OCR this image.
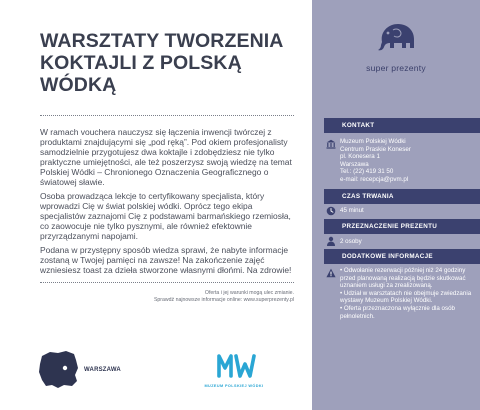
WARSZTATY TWORZENIA
KOKTAJLI Z POLSKĄ WÓDKĄ

W ramach vouchera nauczysz się łączenia inwencji twórczej z produktami znajdującymi się „pod ręką”. Pod okiem profesjonalisty samodzielnie przygotujesz dwa koktajle i zdobędziesz nie tylko praktyczne umiejętności, ale też poszerzysz swoją wiedzę na temat Polskiej Wódki – Chronionego Oznaczenia Geograficznego o światowej sławie.

Osoba prowadząca lekcje to certyfikowany specjalista, który wprowadzi Cię w świat polskiej wódki. Oprócz tego ekipa specjalistów zaznajomi Cię z podstawami barmańskiego rzemiosła, co zaowocuje nie tylko pysznymi, ale również efektownie przyrządzanymi napojami.

Podana w przystępny sposób wiedza sprawi, że nabyte informacje zostaną w Twojej pamięci na zawsze! Na zakończenie zajęć wzniesiesz toast za dzieła stworzone własnymi dłońmi. Na zdrowie!

Oferta i jej warunki mogą ulec zmianie.
Sprawdź najnowsze informacje online: www.superprezenty.pl
WARSZAWA
MUZEUM POLSKIEJ WÓDKI
super prezenty
KONTAKT
Muzeum Polskiej Wódki
Centrum Praskie Koneser
pl. Konesera 1
Warszawa
Tel.: (22) 419 31 50
e-mail: recepcja@pvm.pl
CZAS TRWANIA
45 minut
PRZEZNACZENIE PREZENTU
2 osoby
DODATKOWE INFORMACJE
• Odwołanie rezerwacji później niż 24 godziny przed planowaną realizacją będzie skutkować uznaniem usługi za zrealizowaną.
• Udział w warsztatach nie obejmuje zwiedzania wystawy Muzeum Polskiej Wódki.
• Oferta przeznaczona wyłącznie dla osób pełnoletnich.
